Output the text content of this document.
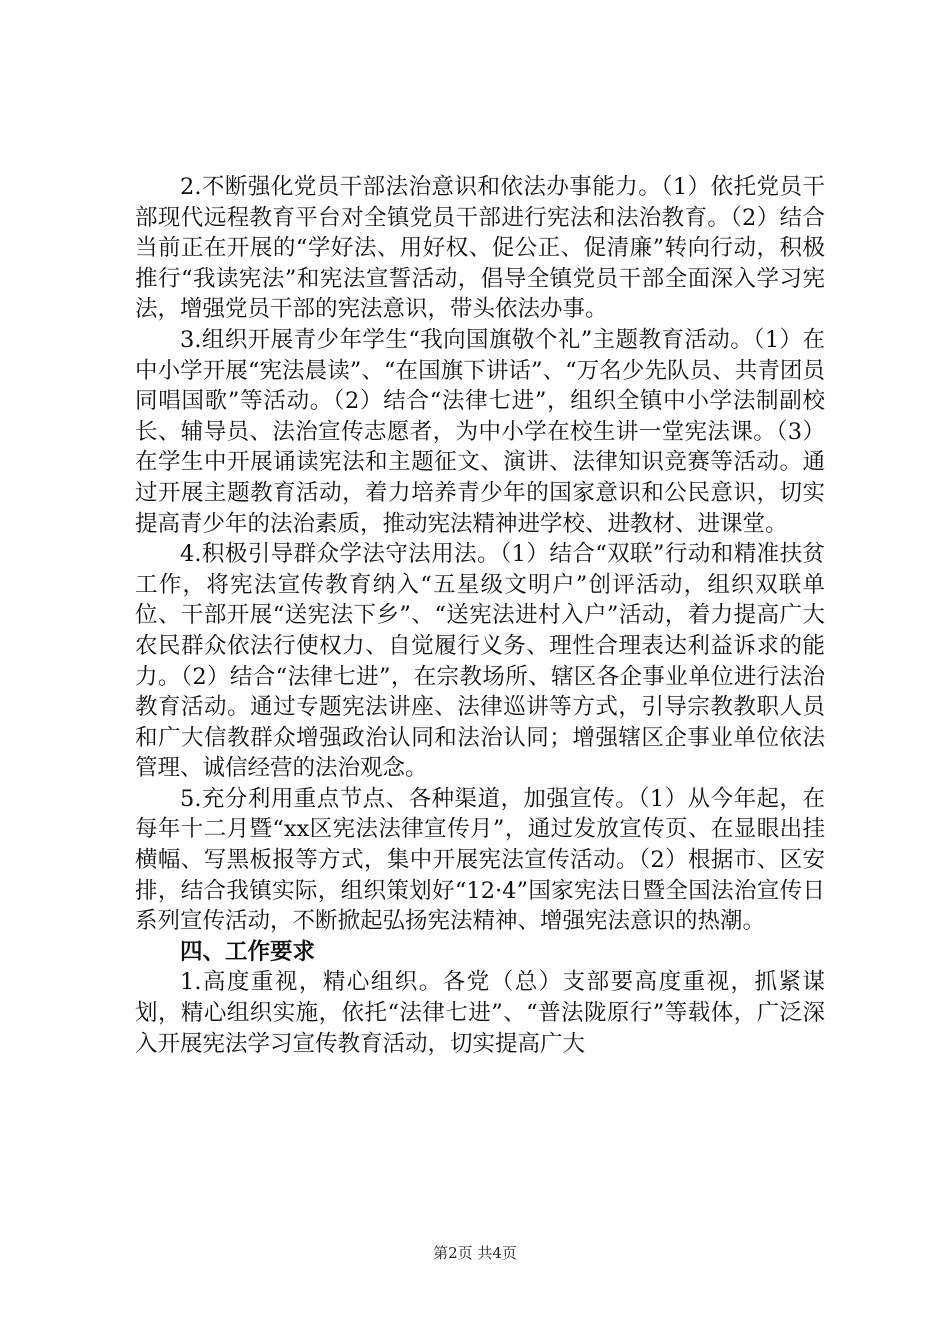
2.不断强化党员干部法治意识和依法办事能力。（1）依托党员干部现代远程教育平台对全镇党员干部进行宪法和法治教育。（2）结合当前正在开展的“学好法、用好权、促公正、促清廉”转向行动，积极推行“我读宪法”和宪法宣誓活动，倡导全镇党员干部全面深入学习宪法，增强党员干部的宪法意识，带头依法办事。

3.组织开展青少年学生“我向国旗敬个礼”主题教育活动。（1）在中小学开展“宪法晨读”、“在国旗下讲话”、“万名少先队员、共青团员同唱国歌”等活动。（2）结合“法律七进”，组织全镇中小学法制副校长、辅导员、法治宣传志愿者，为中小学在校生讲一堂宪法课。（3）在学生中开展诵读宪法和主题征文、演讲、法律知识竞赛等活动。通过开展主题教育活动，着力培养青少年的国家意识和公民意识，切实提高青少年的法治素质，推动宪法精神进学校、进教材、进课堂。

4.积极引导群众学法守法用法。（1）结合“双联”行动和精准扶贫工作，将宪法宣传教育纳入“五星级文明户”创评活动，组织双联单位、干部开展“送宪法下乡”、“送宪法进村入户”活动，着力提高广大农民群众依法行使权力、自觉履行义务、理性合理表达利益诉求的能力。（2）结合“法律七进”，在宗教场所、辖区各企事业单位进行法治教育活动。通过专题宪法讲座、法律巡讲等方式，引导宗教教职人员和广大信教群众增强政治认同和法治认同；增强辖区企事业单位依法管理、诚信经营的法治观念。

5.充分利用重点节点、各种渠道，加强宣传。（1）从今年起，在每年十二月暨“xx区宪法法律宣传月”，通过发放宣传页、在显眼出挂横幅、写黑板报等方式，集中开展宪法宣传活动。（2）根据市、区安排，结合我镇实际，组织策划好“12·4”国家宪法日暨全国法治宣传日系列宣传活动，不断掀起弘扬宪法精神、增强宪法意识的热潮。

四、工作要求

1.高度重视，精心组织。各党（总）支部要高度重视，抓紧谋划，精心组织实施，依托“法律七进”、“普法陇原行”等载体，广泛深入开展宪法学习宣传教育活动，切实提高广大

第2页 共4页
